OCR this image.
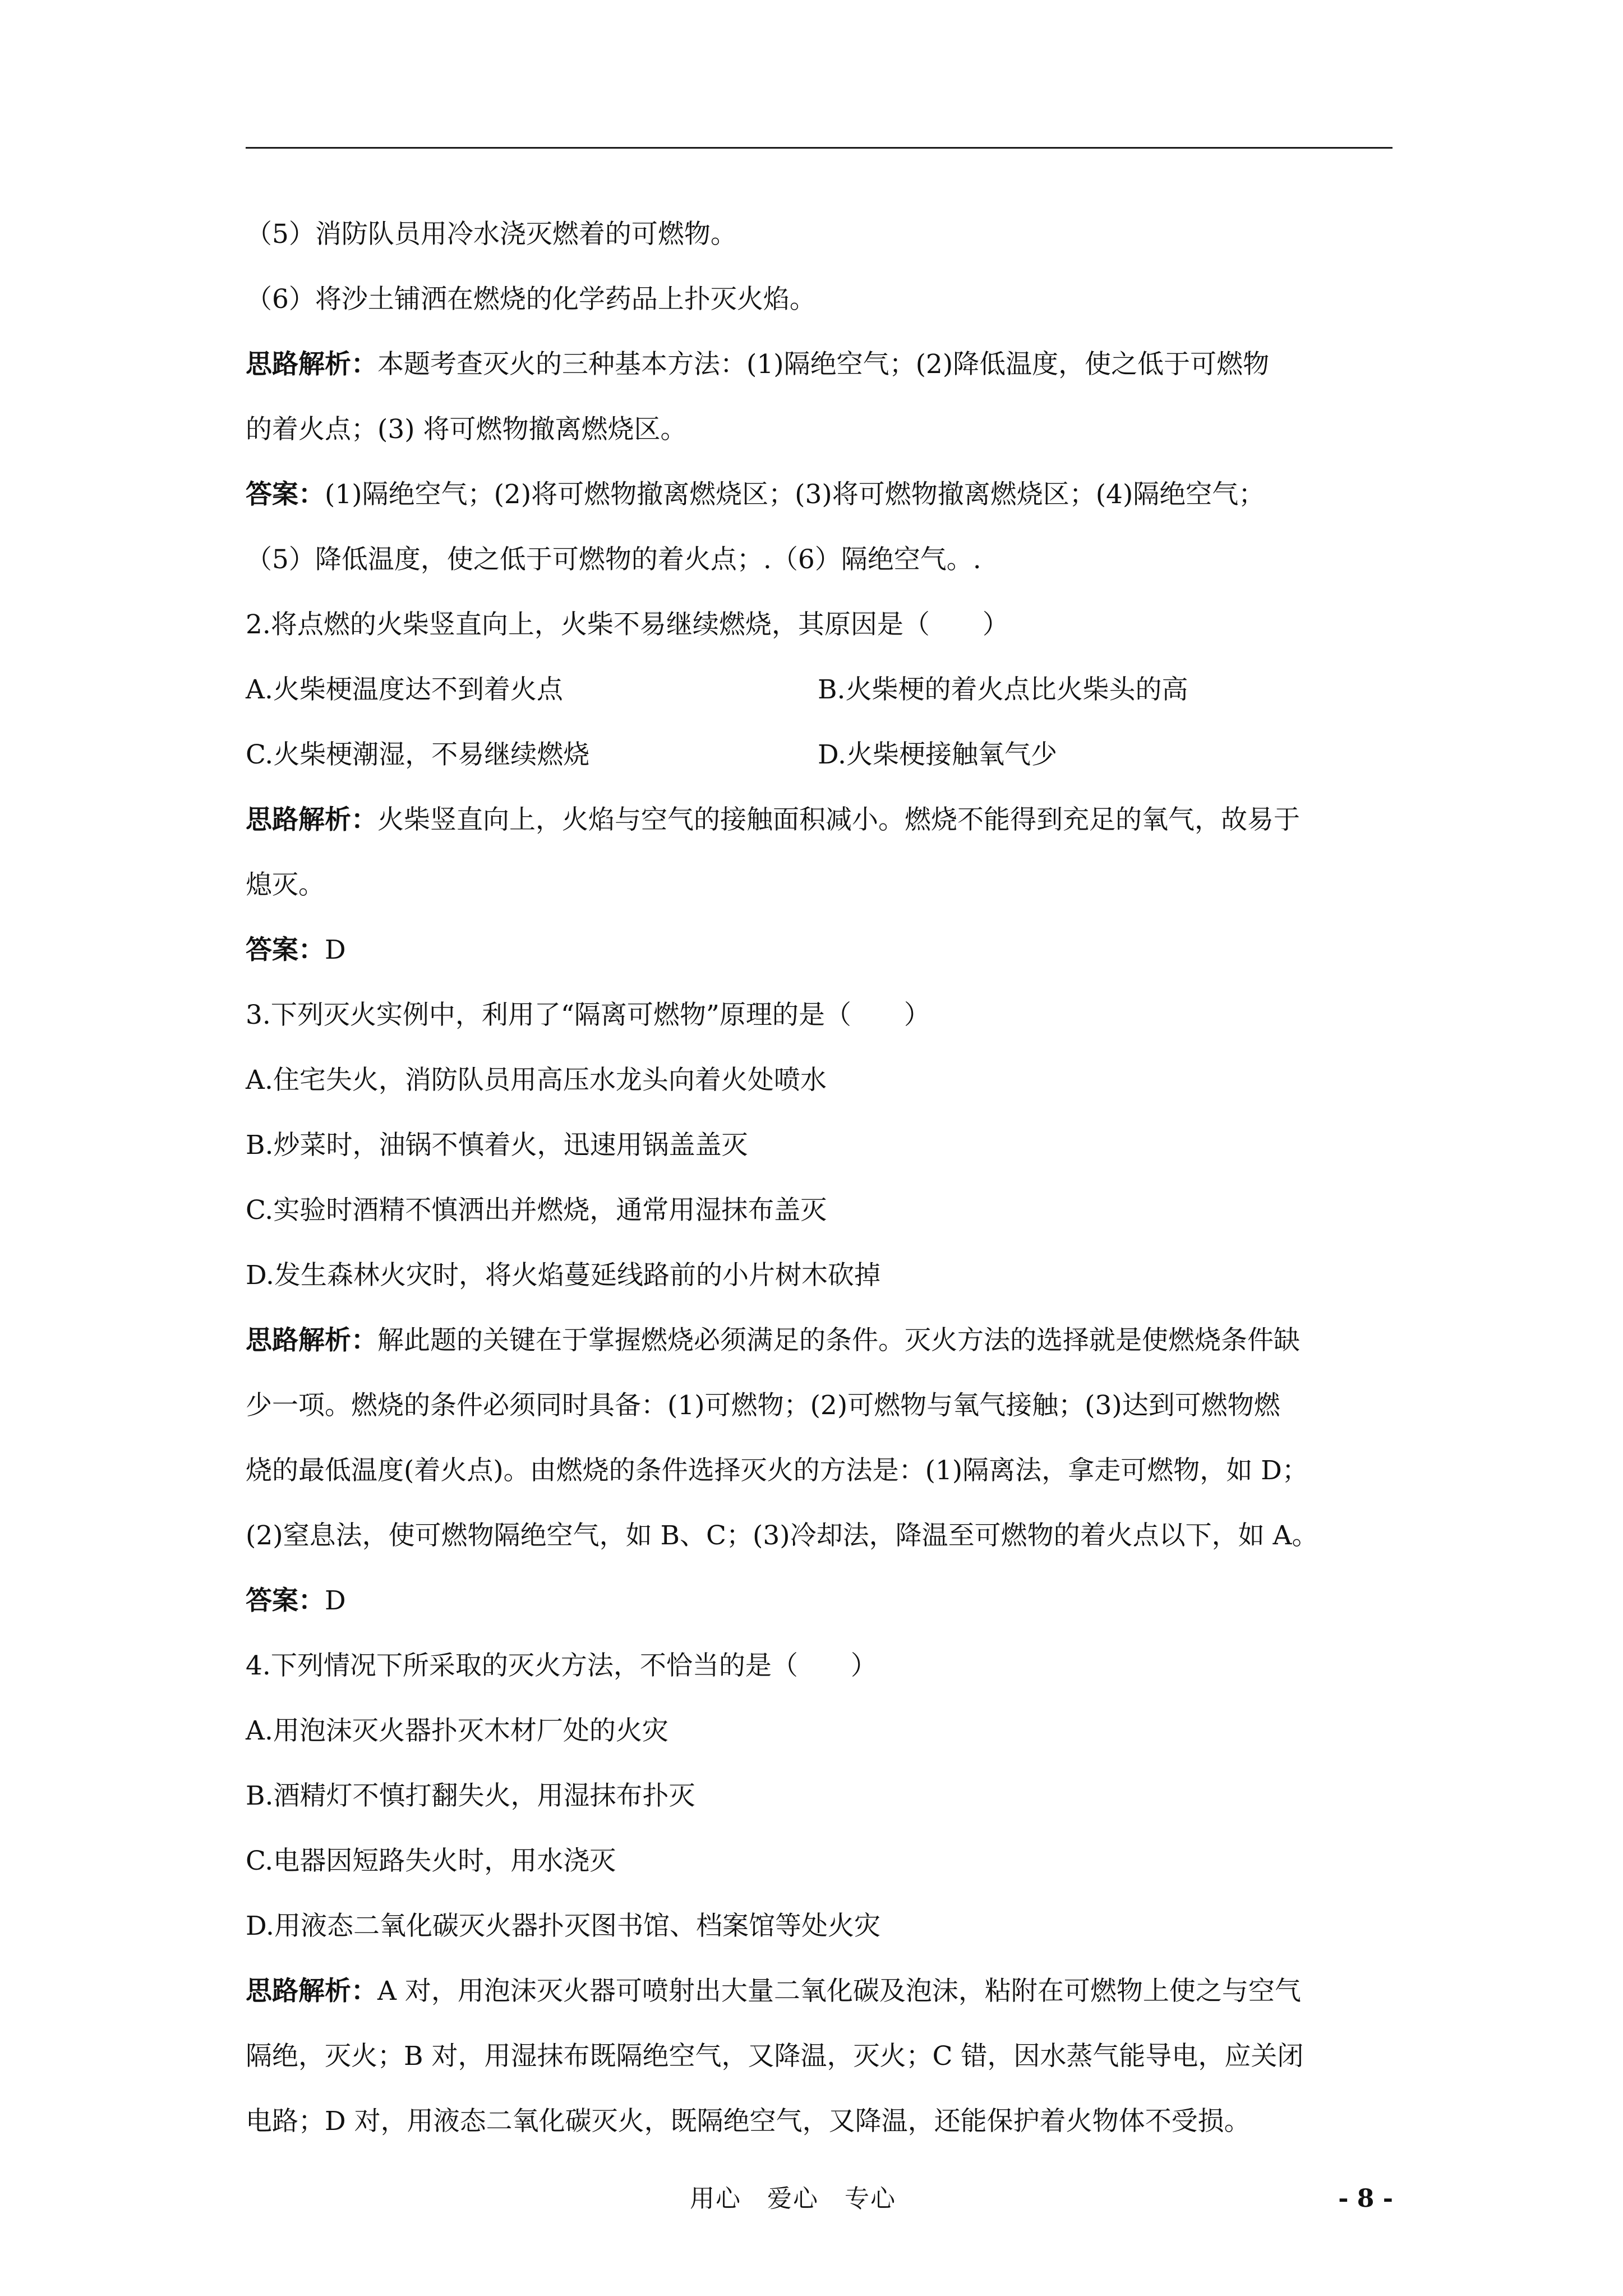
（5）消防队员用冷水浇灭燃着的可燃物。
（6）将沙土铺洒在燃烧的化学药品上扑灭火焰。
思路解析：本题考查灭火的三种基本方法：(1)隔绝空气；(2)降低温度，使之低于可燃物
的着火点；(3) 将可燃物撤离燃烧区。
答案：(1)隔绝空气；(2)将可燃物撤离燃烧区；(3)将可燃物撤离燃烧区；(4)隔绝空气；
（5）降低温度，使之低于可燃物的着火点；.（6）隔绝空气。.
2.将点燃的火柴竖直向上，火柴不易继续燃烧，其原因是（　　）
A.火柴梗温度达不到着火点	B.火柴梗的着火点比火柴头的高
C.火柴梗潮湿，不易继续燃烧	D.火柴梗接触氧气少
思路解析：火柴竖直向上，火焰与空气的接触面积减小。燃烧不能得到充足的氧气，故易于
熄灭。
答案：D
3.下列灭火实例中，利用了“隔离可燃物”原理的是（　　）
A.住宅失火，消防队员用高压水龙头向着火处喷水
B.炒菜时，油锅不慎着火，迅速用锅盖盖灭
C.实验时酒精不慎洒出并燃烧，通常用湿抹布盖灭
D.发生森林火灾时，将火焰蔓延线路前的小片树木砍掉
思路解析：解此题的关键在于掌握燃烧必须满足的条件。灭火方法的选择就是使燃烧条件缺
少一项。燃烧的条件必须同时具备：(1)可燃物；(2)可燃物与氧气接触；(3)达到可燃物燃
烧的最低温度(着火点)。由燃烧的条件选择灭火的方法是：(1)隔离法，拿走可燃物，如 D；
(2)窒息法，使可燃物隔绝空气，如 B、C；(3)冷却法，降温至可燃物的着火点以下，如 A。
答案：D
4.下列情况下所采取的灭火方法，不恰当的是（　　）
A.用泡沫灭火器扑灭木材厂处的火灾
B.酒精灯不慎打翻失火，用湿抹布扑灭
C.电器因短路失火时，用水浇灭
D.用液态二氧化碳灭火器扑灭图书馆、档案馆等处火灾
思路解析：A 对，用泡沫灭火器可喷射出大量二氧化碳及泡沫，粘附在可燃物上使之与空气
隔绝，灭火；B 对，用湿抹布既隔绝空气，又降温，灭火；C 错，因水蒸气能导电，应关闭
电路；D 对，用液态二氧化碳灭火，既隔绝空气，又降温，还能保护着火物体不受损。
用心　爱心　专心	- 8 -
